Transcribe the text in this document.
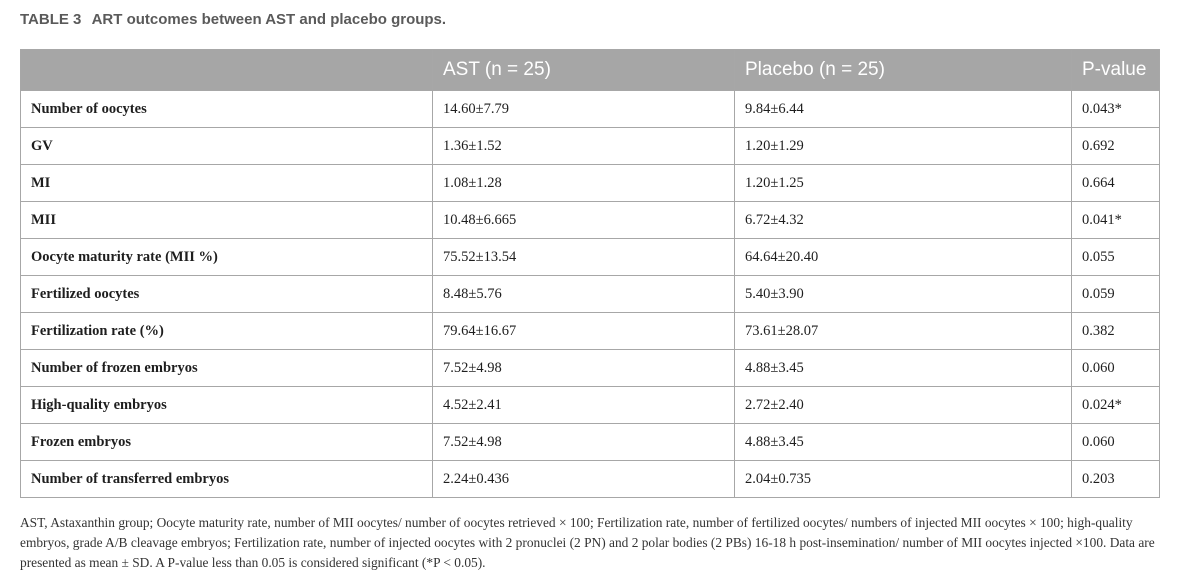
TABLE 3 ART outcomes between AST and placebo groups.
	AST (n = 25)	Placebo (n = 25)	P-value
Number of oocytes	14.60±7.79	9.84±6.44	0.043*
GV	1.36±1.52	1.20±1.29	0.692
MI	1.08±1.28	1.20±1.25	0.664
MII	10.48±6.665	6.72±4.32	0.041*
Oocyte maturity rate (MII %)	75.52±13.54	64.64±20.40	0.055
Fertilized oocytes	8.48±5.76	5.40±3.90	0.059
Fertilization rate (%)	79.64±16.67	73.61±28.07	0.382
Number of frozen embryos	7.52±4.98	4.88±3.45	0.060
High-quality embryos	4.52±2.41	2.72±2.40	0.024*
Frozen embryos	7.52±4.98	4.88±3.45	0.060
Number of transferred embryos	2.24±0.436	2.04±0.735	0.203
AST, Astaxanthin group; Oocyte maturity rate, number of MII oocytes/ number of oocytes retrieved × 100; Fertilization rate, number of fertilized oocytes/ numbers of injected MII oocytes × 100; high-quality embryos, grade A/B cleavage embryos; Fertilization rate, number of injected oocytes with 2 pronuclei (2 PN) and 2 polar bodies (2 PBs) 16-18 h post-insemination/ number of MII oocytes injected ×100. Data are presented as mean ± SD. A P-value less than 0.05 is considered significant (*P < 0.05).
